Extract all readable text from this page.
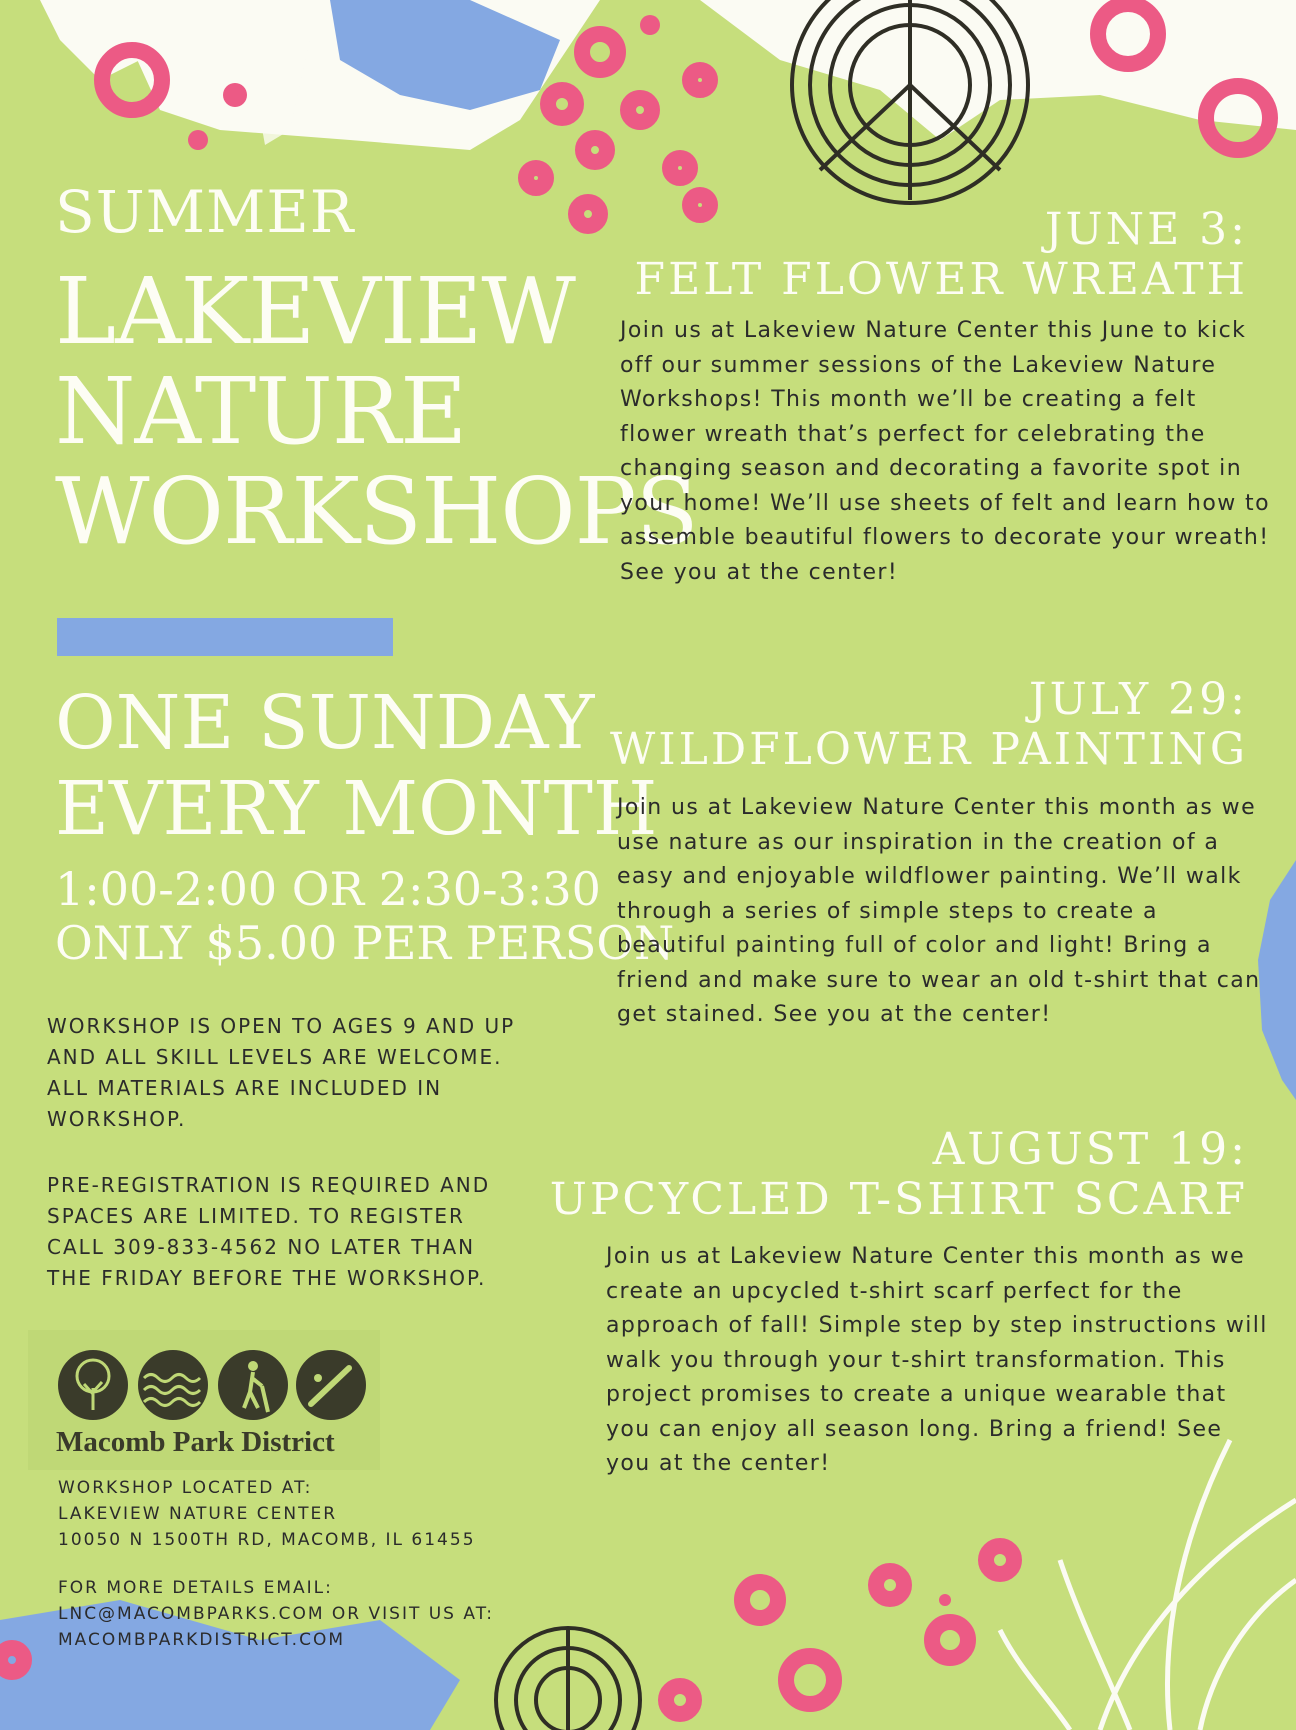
SUMMER
LAKEVIEW
NATURE
WORKSHOPS
ONE SUNDAY
EVERY MONTH
1:00-2:00 OR 2:30-3:30
ONLY $5.00 PER PERSON
WORKSHOP IS OPEN TO AGES 9 AND UP AND ALL SKILL LEVELS ARE WELCOME. ALL MATERIALS ARE INCLUDED IN WORKSHOP.
PRE-REGISTRATION IS REQUIRED AND SPACES ARE LIMITED. TO REGISTER CALL 309-833-4562 NO LATER THAN THE FRIDAY BEFORE THE WORKSHOP.
Macomb Park District
WORKSHOP LOCATED AT:
LAKEVIEW NATURE CENTER
10050 N 1500TH RD, MACOMB, IL 61455
FOR MORE DETAILS EMAIL:
LNC@MACOMBPARKS.COM OR VISIT US AT:
MACOMBPARKDISTRICT.COM
JUNE 3:
FELT FLOWER WREATH
Join us at Lakeview Nature Center this June to kick off our summer sessions of the Lakeview Nature Workshops! This month we’ll be creating a felt flower wreath that’s perfect for celebrating the changing season and decorating a favorite spot in your home! We’ll use sheets of felt and learn how to assemble beautiful flowers to decorate your wreath! See you at the center!
JULY 29:
WILDFLOWER PAINTING
Join us at Lakeview Nature Center this month as we use nature as our inspiration in the creation of a easy and enjoyable wildflower painting. We’ll walk through a series of simple steps to create a beautiful painting full of color and light! Bring a friend and make sure to wear an old t-shirt that can get stained. See you at the center!
AUGUST 19:
UPCYCLED T-SHIRT SCARF
Join us at Lakeview Nature Center this month as we create an upcycled t-shirt scarf perfect for the approach of fall! Simple step by step instructions will walk you through your t-shirt transformation. This project promises to create a unique wearable that you can enjoy all season long. Bring a friend! See you at the center!
